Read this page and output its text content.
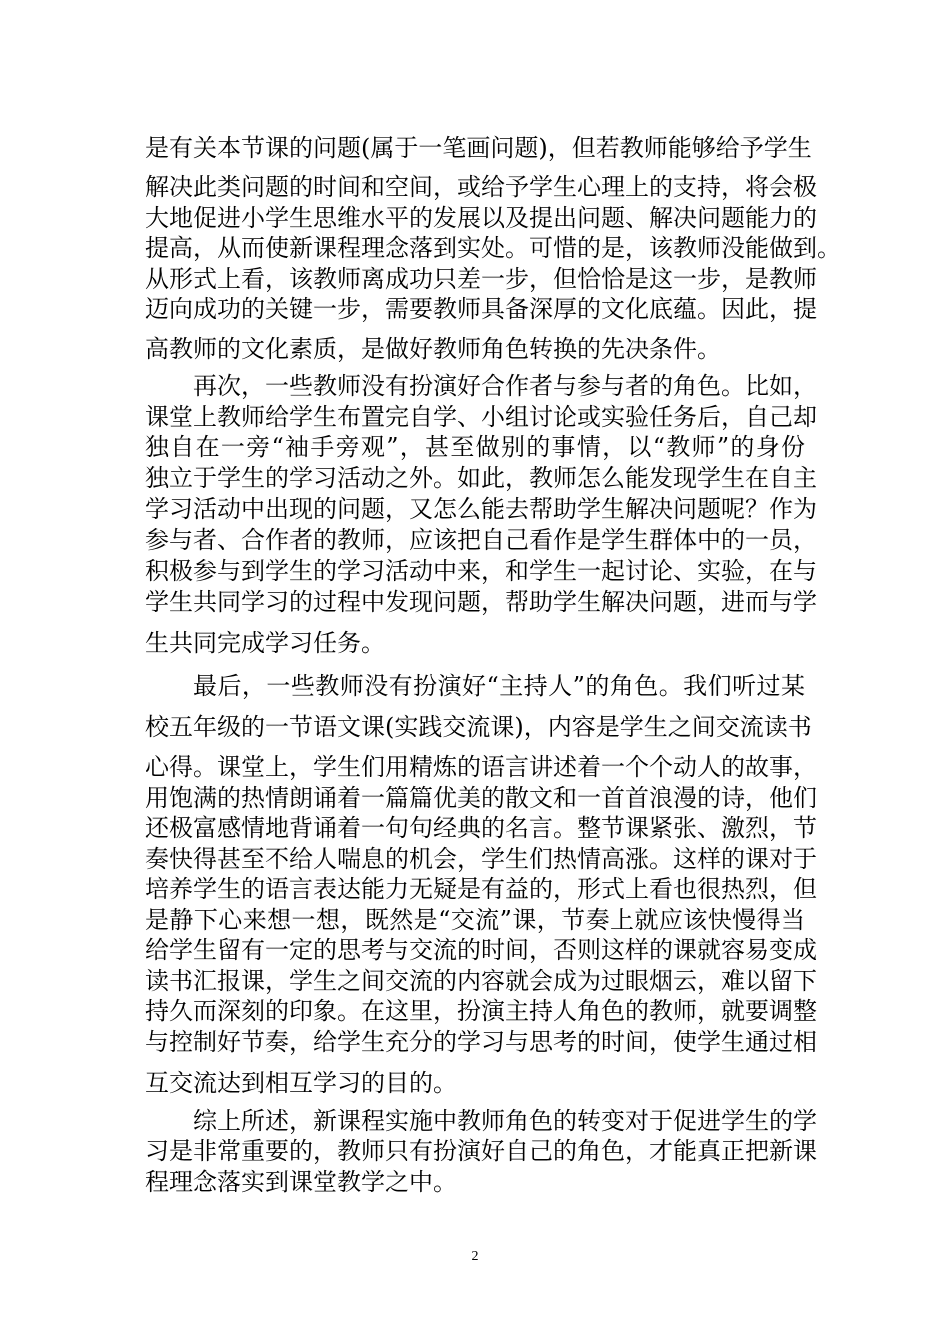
是有关本节课的问题(属于一笔画问题)，但若教师能够给予学生
解决此类问题的时间和空间，或给予学生心理上的支持，将会极
大地促进小学生思维水平的发展以及提出问题、解决问题能力的
提高，从而使新课程理念落到实处。可惜的是，该教师没能做到。
从形式上看，该教师离成功只差一步，但恰恰是这一步，是教师
迈向成功的关键一步，需要教师具备深厚的文化底蕴。因此，提
高教师的文化素质，是做好教师角色转换的先决条件。
再次，一些教师没有扮演好合作者与参与者的角色。比如，
课堂上教师给学生布置完自学、小组讨论或实验任务后，自己却
独自在一旁“袖手旁观”，甚至做别的事情，以“教师”的身份
独立于学生的学习活动之外。如此，教师怎么能发现学生在自主
学习活动中出现的问题，又怎么能去帮助学生解决问题呢？作为
参与者、合作者的教师，应该把自己看作是学生群体中的一员，
积极参与到学生的学习活动中来，和学生一起讨论、实验，在与
学生共同学习的过程中发现问题，帮助学生解决问题，进而与学
生共同完成学习任务。
最后，一些教师没有扮演好“主持人”的角色。我们听过某
校五年级的一节语文课(实践交流课)，内容是学生之间交流读书
心得。课堂上，学生们用精炼的语言讲述着一个个动人的故事，
用饱满的热情朗诵着一篇篇优美的散文和一首首浪漫的诗，他们
还极富感情地背诵着一句句经典的名言。整节课紧张、激烈，节
奏快得甚至不给人喘息的机会，学生们热情高涨。这样的课对于
培养学生的语言表达能力无疑是有益的，形式上看也很热烈，但
是静下心来想一想，既然是“交流”课，节奏上就应该快慢得当
给学生留有一定的思考与交流的时间，否则这样的课就容易变成
读书汇报课，学生之间交流的内容就会成为过眼烟云，难以留下
持久而深刻的印象。在这里，扮演主持人角色的教师，就要调整
与控制好节奏，给学生充分的学习与思考的时间，使学生通过相
互交流达到相互学习的目的。
综上所述，新课程实施中教师角色的转变对于促进学生的学
习是非常重要的，教师只有扮演好自己的角色，才能真正把新课
程理念落实到课堂教学之中。
2
